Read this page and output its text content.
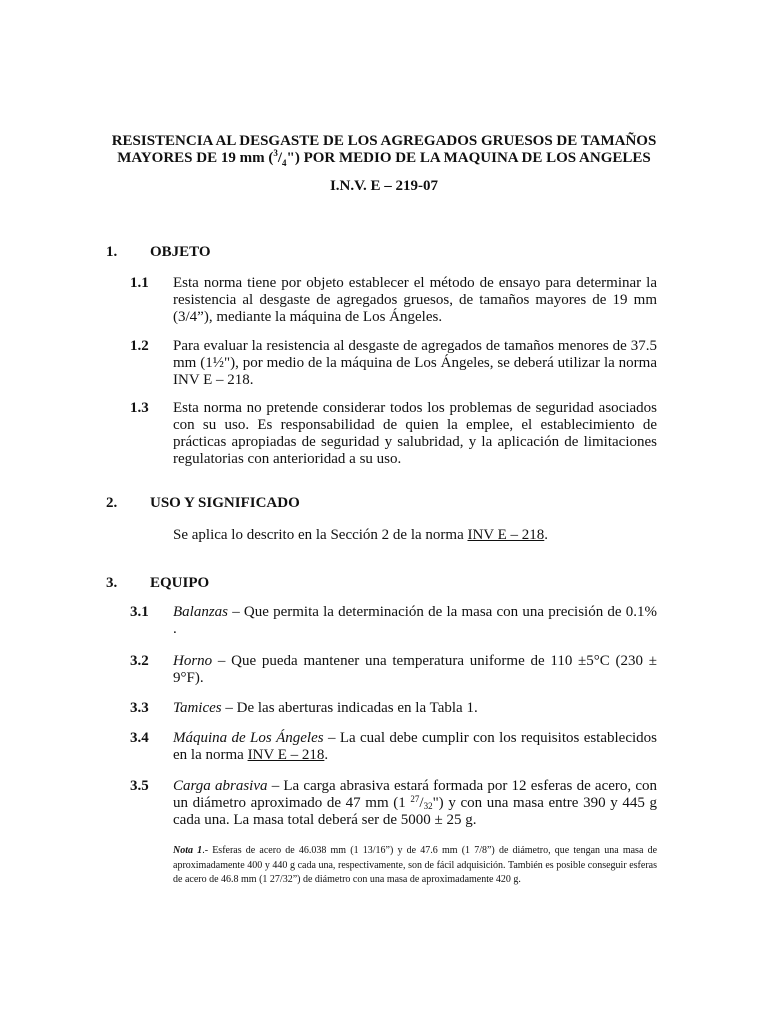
RESISTENCIA AL DESGASTE DE LOS AGREGADOS GRUESOS DE TAMAÑOS
MAYORES DE 19 mm $(^3/_4")$ POR MEDIO DE LA MAQUINA DE LOS ANGELES
I.N.V. E – 219-07
1. OBJETO
1.1 Esta norma tiene por objeto establecer el método de ensayo para determinar la resistencia al desgaste de agregados gruesos, de tamaños mayores de 19 mm (3/4”), mediante la máquina de Los Ángeles.
1.2 Para evaluar la resistencia al desgaste de agregados de tamaños menores de 37.5 mm (1½"), por medio de la máquina de Los Ángeles, se deberá utilizar la norma INV E – 218.
1.3 Esta norma no pretende considerar todos los problemas de seguridad asociados con su uso. Es responsabilidad de quien la emplee, el establecimiento de prácticas apropiadas de seguridad y salubridad, y la aplicación de limitaciones regulatorias con anterioridad a su uso.
2. USO Y SIGNIFICADO
Se aplica lo descrito en la Sección 2 de la norma INV E – 218.
3. EQUIPO
3.1 Balanzas – Que permita la determinación de la masa con una precisión de 0.1% .
3.2 Horno – Que pueda mantener una temperatura uniforme de 110 ±5°C (230 ± 9°F).
3.3 Tamices – De las aberturas indicadas en la Tabla 1.
3.4 Máquina de Los Ángeles – La cual debe cumplir con los requisitos establecidos en la norma INV E – 218.
3.5 Carga abrasiva – La carga abrasiva estará formada por 12 esferas de acero, con un diámetro aproximado de 47 mm (1 $^{27}$/32") y con una masa entre 390 y 445 g cada una. La masa total deberá ser de 5000 ± 25 g.
Nota 1.- Esferas de acero de 46.038 mm (1 13/16”) y de 47.6 mm (1 7/8”) de diámetro, que tengan una masa de aproximadamente 400 y 440 g cada una, respectivamente, son de fácil adquisición. También es posible conseguir esferas de acero de 46.8 mm (1 27/32”) de diámetro con una masa de aproximadamente 420 g.
